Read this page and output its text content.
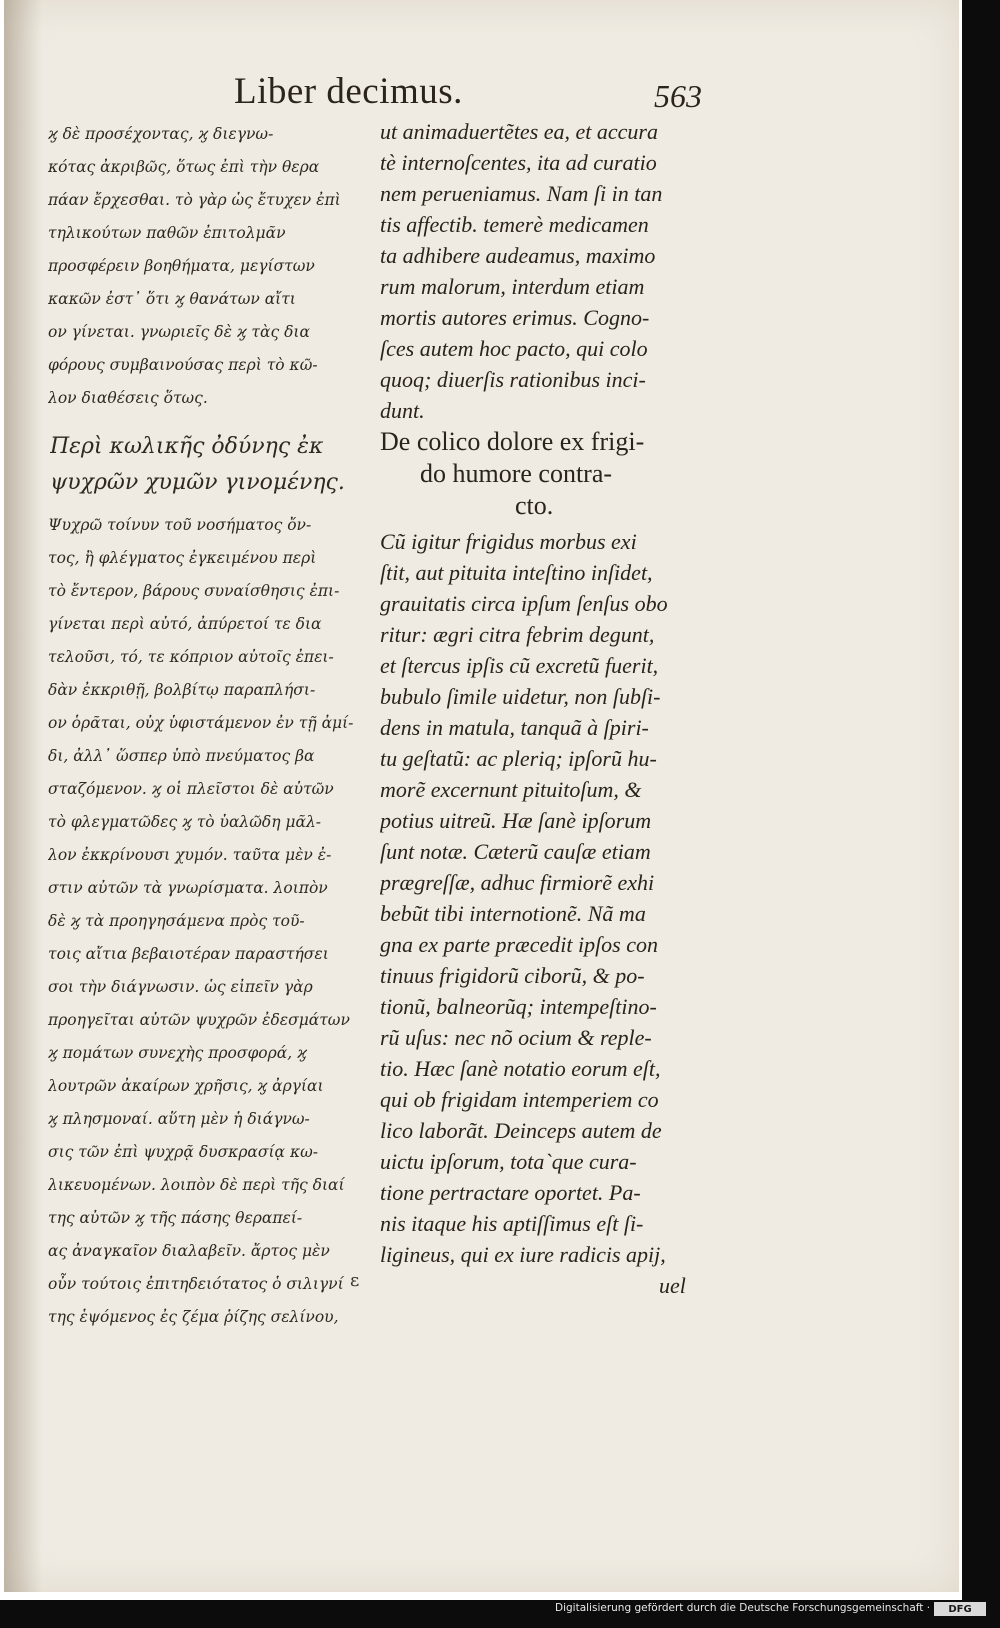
Liber decimus.	563
ϗ δὲ προσέχοντας, ϗ διεγνω-
κότας ἀκριβῶς, ὅτως ἐπὶ τὴν θερα
πάαν ἔρχεσθαι. τὸ γὰρ ὡς ἔτυχεν ἐπὶ
τηλικούτων παθῶν ἐπιτολμᾶν
προσφέρειν βοηθήματα, μεγίστων
κακῶν ἐστ᾽ ὅτι ϗ θανάτων αἴτι
ον γίνεται. γνωριεῖς δὲ ϗ τὰς δια
φόρους συμβαινούσας περὶ τὸ κῶ-
λον διαθέσεις ὅτως.
Περὶ κωλικῆς ὀδύνης ἐκ
ψυχρῶν χυμῶν γινομένης.
Ψυχρῶ τοίνυν τοῦ νοσήματος ὄν-
τος, ἢ φλέγματος ἐγκειμένου περὶ
τὸ ἔντερον, βάρους συναίσθησις ἐπι-
γίνεται περὶ αὐτό, ἀπύρετοί τε δια
τελοῦσι, τό, τε κόπριον αὐτοῖς ἐπει-
δὰν ἐκκριθῇ, βολβίτῳ παραπλήσι-
ον ὁρᾶται, οὐχ ὑφιστάμενον ἐν τῇ ἀμί-
δι, ἀλλ᾽ ὥσπερ ὑπὸ πνεύματος βα
σταζόμενον. ϗ οἱ πλεῖστοι δὲ αὐτῶν
τὸ φλεγματῶδες ϗ τὸ ὑαλῶδη μᾶλ-
λον ἐκκρίνουσι χυμόν. ταῦτα μὲν ἐ-
στιν αὐτῶν τὰ γνωρίσματα. λοιπὸν
δὲ ϗ τὰ προηγησάμενα πρὸς τοῦ-
τοις αἴτια βεβαιοτέραν παραστήσει
σοι τὴν διάγνωσιν. ὡς εἰπεῖν γὰρ
προηγεῖται αὐτῶν ψυχρῶν ἐδεσμάτων
ϗ πομάτων συνεχὴς προσφορά, ϗ
λουτρῶν ἀκαίρων χρῆσις, ϗ ἀργίαι
ϗ πλησμοναί. αὕτη μὲν ἡ διάγνω-
σις τῶν ἐπὶ ψυχρᾷ δυσκρασίᾳ κω-
λικευομένων. λοιπὸν δὲ περὶ τῆς διαί
της αὐτῶν ϗ τῆς πάσης θεραπεί-
ας ἀναγκαῖον διαλαβεῖν. ἄρτος μὲν
οὖν τούτοις ἐπιτηδειότατος ὁ σιλιγνί
της ἑψόμενος ἐς ζέμα ῥίζης σελίνου,
ut animaduertẽtes ea, et accura
tè internoſcentes, ita ad curatio
nem perueniamus. Nam ſi in tan
tis affectib. temerè medicamen
ta adhibere audeamus, maximo
rum malorum, interdum etiam
mortis autores erimus. Cogno-
ſces autem hoc pacto, qui colo
quoq; diuerſis rationibus inci-
dunt.
De colico dolore ex frigi-
do humore contra-
cto.
Cũ igitur frigidus morbus exi
ſtit, aut pituita inteſtino inſidet,
grauitatis circa ipſum ſenſus obo
ritur: ægri citra febrim degunt,
et ſtercus ipſis cũ excretũ fuerit,
bubulo ſimile uidetur, non ſubſi-
dens in matula, tanquã à ſpiri-
tu geſtatũ: ac pleriq; ipſorũ hu-
morẽ excernunt pituitoſum, &
potius uitreũ. Hæ ſanè ipſorum
ſunt notæ. Cæterũ cauſæ etiam
prægreſſæ, adhuc firmiorẽ exhi
bebũt tibi internotionẽ. Nã ma
gna ex parte præcedit ipſos con
tinuus frigidorũ ciborũ, & po-
tionũ, balneorũq; intempeſtino-
rũ uſus: nec nõ ocium & reple-
tio. Hæc ſanè notatio eorum eſt,
qui ob frigidam intemperiem co
lico laborãt. Deinceps autem de
uictu ipſorum, tota`que cura-
tione pertractare oportet. Pa-
nis itaque his aptiſſimus eſt ſi-
ligineus, qui ex iure radicis apij,
ε	uel
Digitalisierung gefördert durch die Deutsche Forschungsgemeinschaft ·	DFG
